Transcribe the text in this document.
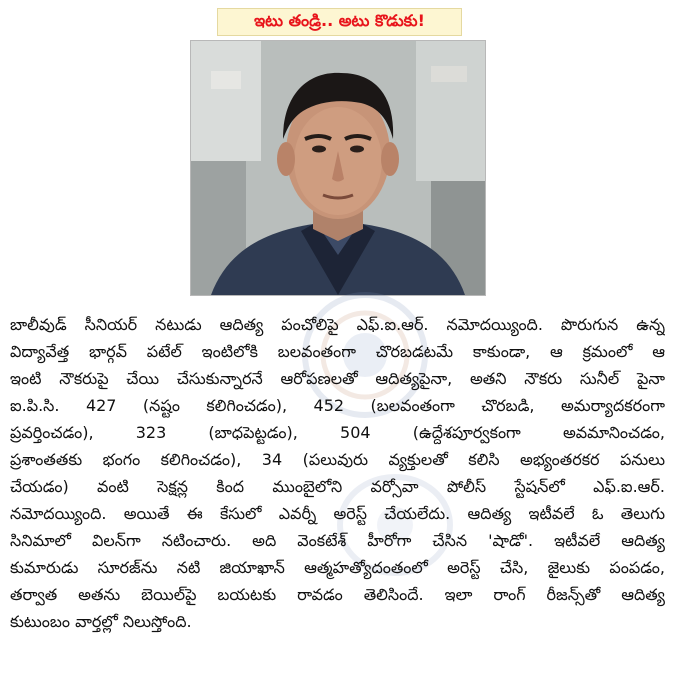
ఇటు తండ్రి.. అటు కొడుకు!
బాలీవుడ్ సీనియర్ నటుడు ఆదిత్య పంచోలిపై ఎఫ్.ఐ.ఆర్. నమోదయ్యింది. పొరుగున ఉన్న
విద్యావేత్త భార్గవ్ పటేల్ ఇంటిలోకి బలవంతంగా చొరబడటమే కాకుండా, ఆ క్రమంలో ఆ
ఇంటి నౌకరుపై చేయి చేసుకున్నారనే ఆరోపణలతో ఆదిత్యపైనా, అతని నౌకరు సునీల్ పైనా
ఐ.పి.సి. 427 (నష్టం కలిగించడం), 452 (బలవంతంగా చొరబడి, అమర్యాదకరంగా
ప్రవర్తించడం), 323 (బాధపెట్టడం), 504 (ఉద్దేశపూర్వకంగా అవమానించడం,
ప్రశాంతతకు భంగం కలిగించడం), 34 (పలువురు వ్యక్తులతో కలిసి అభ్యంతరకర పనులు
చేయడం) వంటి సెక్షన్ల కింద ముంబైలోని వర్సోవా పోలీస్ స్టేషన్‌లో ఎఫ్.ఐ.ఆర్.
నమోదయ్యింది. అయితే ఈ కేసులో ఎవర్నీ అరెస్ట్ చేయలేదు. ఆదిత్య ఇటీవలే ఓ తెలుగు
సినిమాలో విలన్‌గా నటించారు. అది వెంకటేశ్ హీరోగా చేసిన 'షాడో'. ఇటీవలే ఆదిత్య
కుమారుడు సూరజ్‌ను నటి జియాఖాన్ ఆత్మహత్యోదంతంలో అరెస్ట్ చేసి, జైలుకు పంపడం,
తర్వాత అతను బెయిల్‌పై బయటకు రావడం తెలిసిందే. ఇలా రాంగ్ రీజన్స్‌తో ఆదిత్య
కుటుంబం వార్తల్లో నిలుస్తోంది.
